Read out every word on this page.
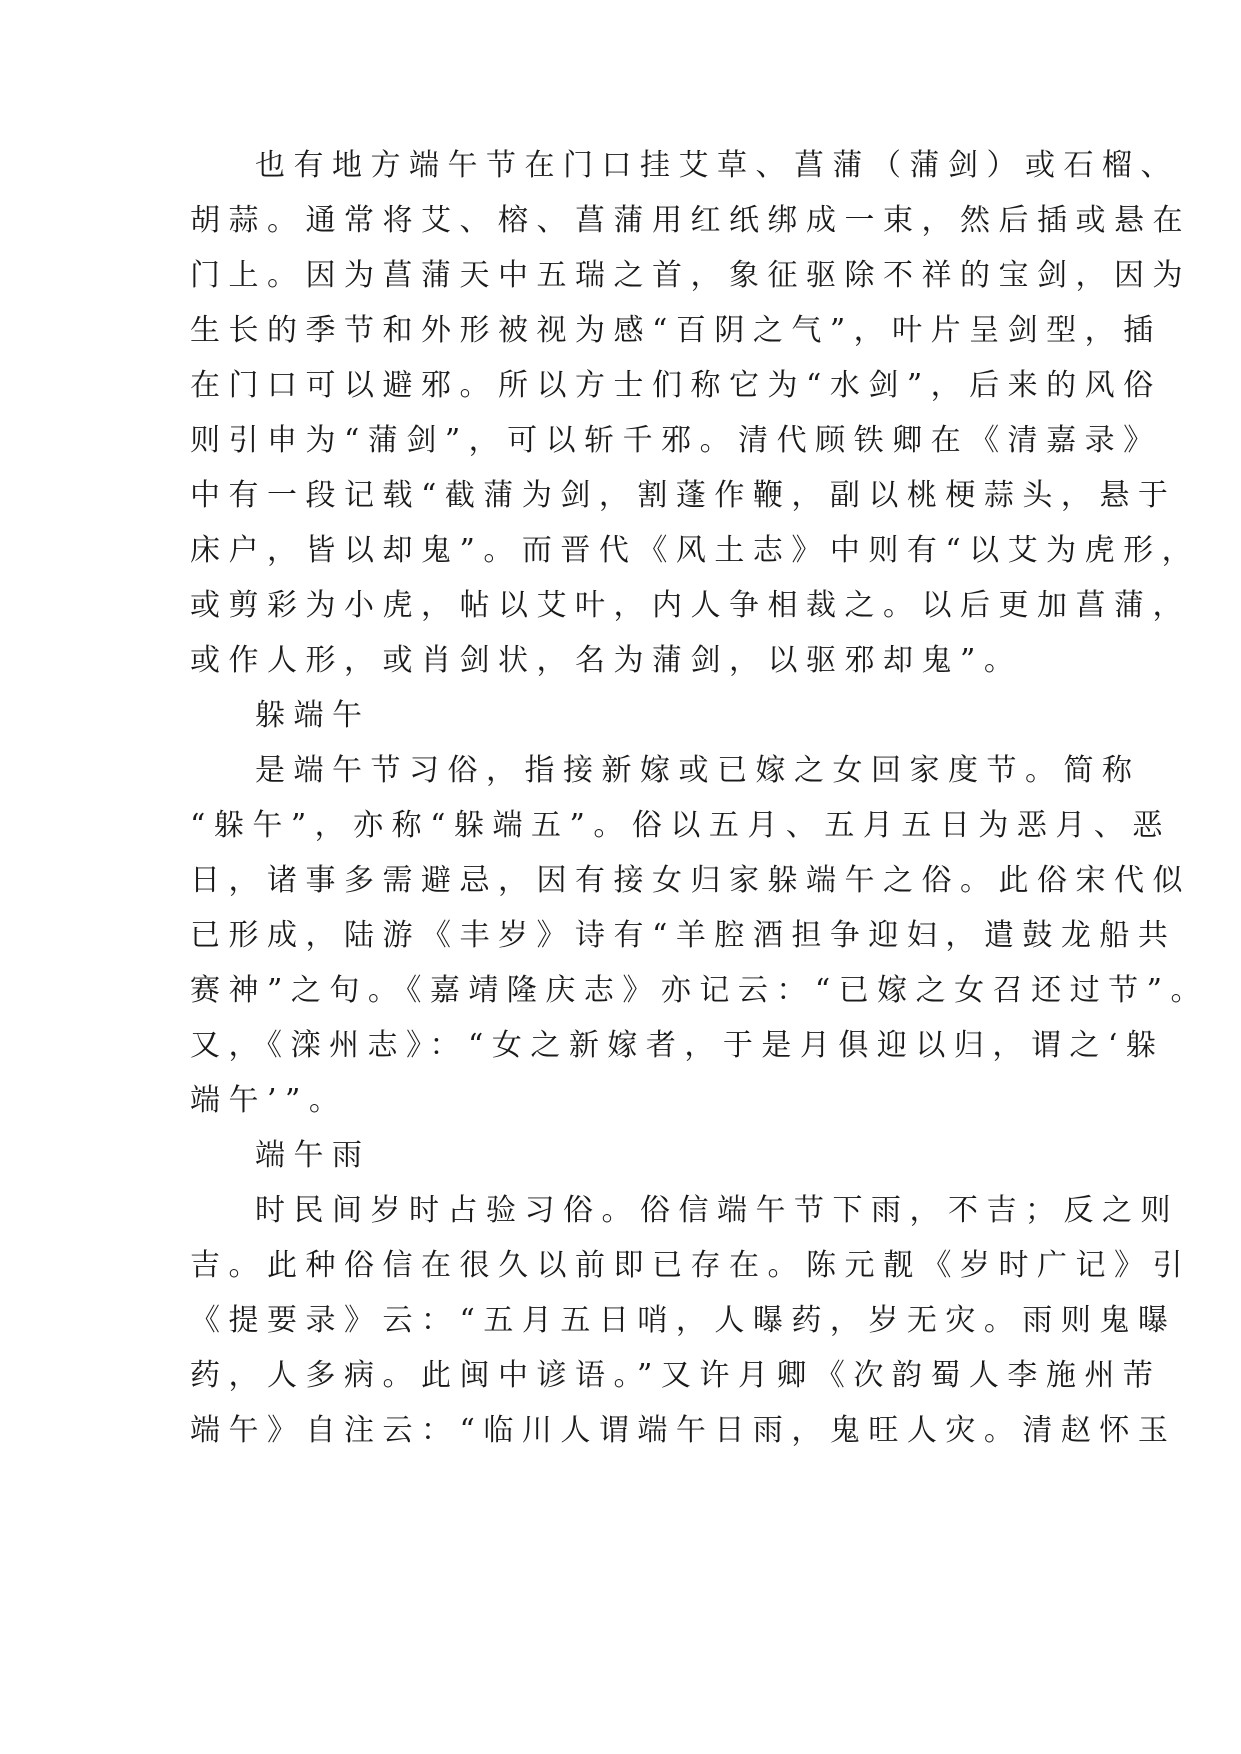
也有地方端午节在门口挂艾草、菖蒲（蒲剑）或石榴、
胡蒜。通常将艾、榕、菖蒲用红纸绑成一束，然后插或悬在
门上。因为菖蒲天中五瑞之首，象征驱除不祥的宝剑，因为
生长的季节和外形被视为感“百阴之气”，叶片呈剑型，插
在门口可以避邪。所以方士们称它为“水剑”，后来的风俗
则引申为“蒲剑”，可以斩千邪。清代顾铁卿在《清嘉录》
中有一段记载“截蒲为剑，割蓬作鞭，副以桃梗蒜头，悬于
床户，皆以却鬼”。而晋代《风土志》中则有“以艾为虎形，
或剪彩为小虎，帖以艾叶，内人争相裁之。以后更加菖蒲，
或作人形，或肖剑状，名为蒲剑，以驱邪却鬼”。
躲端午
是端午节习俗，指接新嫁或已嫁之女回家度节。简称
“躲午”，亦称“躲端五”。俗以五月、五月五日为恶月、恶
日，诸事多需避忌，因有接女归家躲端午之俗。此俗宋代似
已形成，陆游《丰岁》诗有“羊腔酒担争迎妇，遣鼓龙船共
赛神”之句。《嘉靖隆庆志》亦记云：“已嫁之女召还过节”。
又，《滦州志》：“女之新嫁者，于是月俱迎以归，谓之‘躲
端午’”。
端午雨
时民间岁时占验习俗。俗信端午节下雨，不吉；反之则
吉。此种俗信在很久以前即已存在。陈元靓《岁时广记》引
《提要录》云：“五月五日哨，人曝药，岁无灾。雨则鬼曝
药，人多病。此闽中谚语。”又许月卿《次韵蜀人李施州芾
端午》自注云：“临川人谓端午日雨，鬼旺人灾。清赵怀玉
